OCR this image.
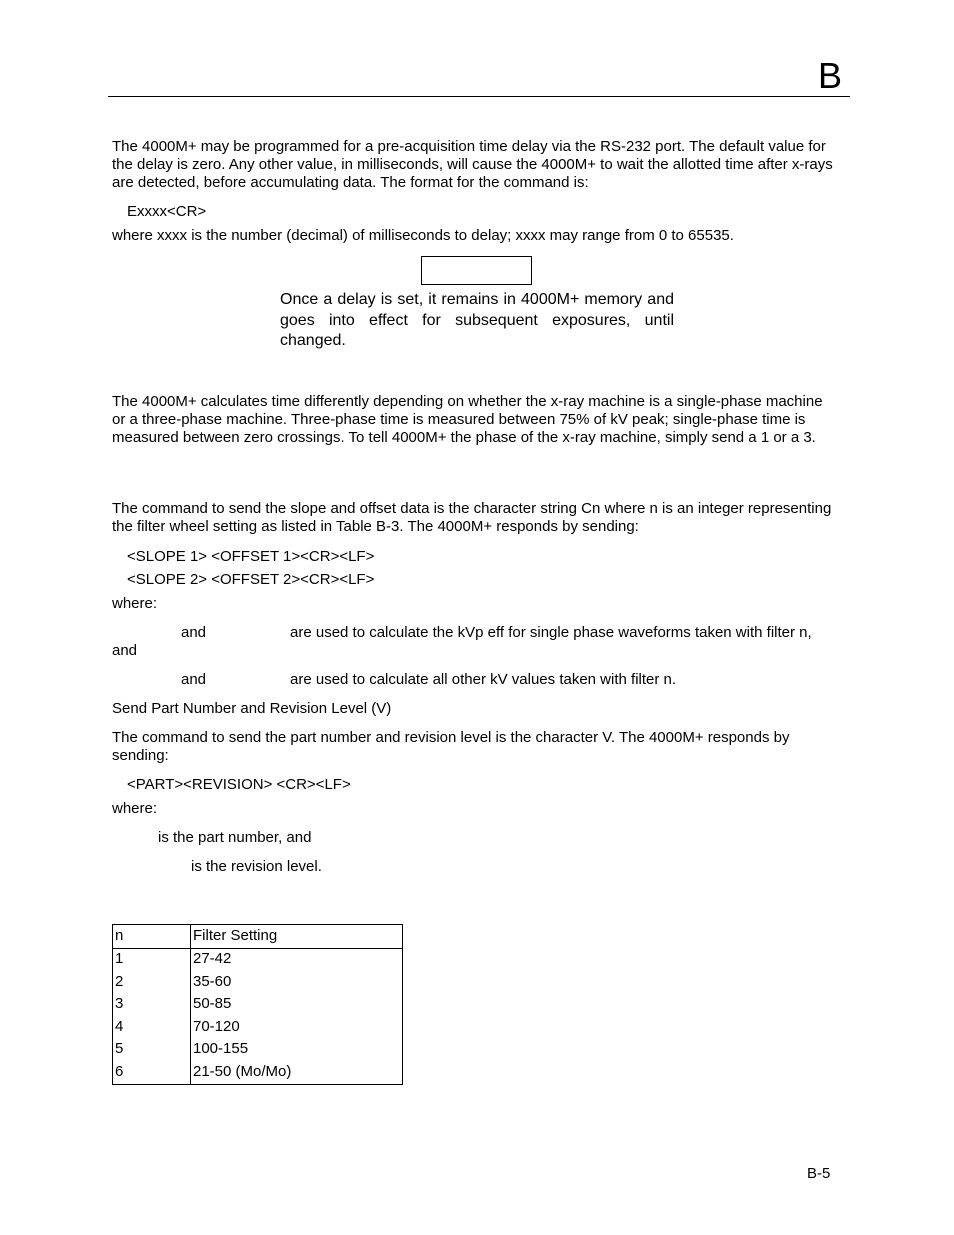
B
The 4000M+ may be programmed for a pre-acquisition time delay via the RS-232 port. The default value for the delay is zero. Any other value, in milliseconds, will cause the 4000M+ to wait the allotted time after x-rays are detected, before accumulating data. The format for the command is:
Exxxx<CR>
where xxxx is the number (decimal) of milliseconds to delay; xxxx may range from 0 to 65535.
Once a delay is set, it remains in 4000M+ memory and goes into effect for subsequent exposures, until changed.
The 4000M+ calculates time differently depending on whether the x-ray machine is a single-phase machine or a three-phase machine. Three-phase time is measured between 75% of kV peak; single-phase time is measured between zero crossings. To tell 4000M+ the phase of the x-ray machine, simply send a 1 or a 3.
The command to send the slope and offset data is the character string Cn where n is an integer representing the filter wheel setting as listed in Table B-3. The 4000M+ responds by sending:
<SLOPE 1> <OFFSET 1><CR><LF>
<SLOPE 2> <OFFSET 2><CR><LF>
where:
and	are used to calculate the kVp eff for single phase waveforms taken with filter n,
and
and	are used to calculate all other kV values taken with filter n.
Send Part Number and Revision Level (V)
The command to send the part number and revision level is the character V. The 4000M+ responds by sending:
<PART><REVISION> <CR><LF>
where:
is the part number, and
is the revision level.
n	Filter Setting
1	27-42
2	35-60
3	50-85
4	70-120
5	100-155
6	21-50 (Mo/Mo)
B-5
